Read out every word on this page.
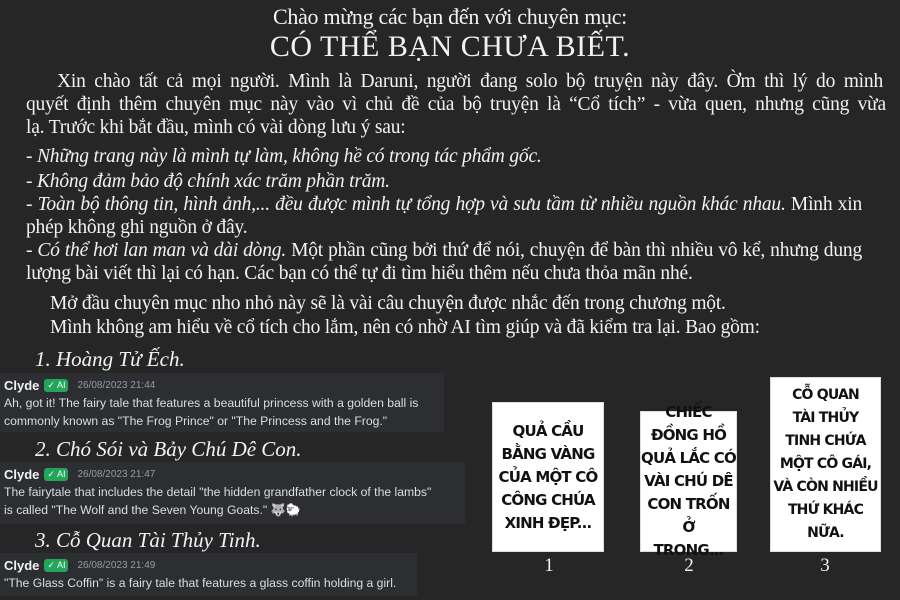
Chào mừng các bạn đến với chuyên mục:
CÓ THỂ BẠN CHƯA BIẾT.
Xin chào tất cả mọi người. Mình là Daruni, người đang solo bộ truyện này đây. Ờm thì lý do mình
quyết định thêm chuyên mục này vào vì chủ đề của bộ truyện là “Cổ tích” - vừa quen, nhưng cũng vừa
lạ. Trước khi bắt đầu, mình có vài dòng lưu ý sau:
- Những trang này là mình tự làm, không hề có trong tác phẩm gốc.
- Không đảm bảo độ chính xác trăm phần trăm.
- Toàn bộ thông tin, hình ảnh,... đều được mình tự tổng hợp và sưu tầm từ nhiều nguồn khác nhau. Mình xin
phép không ghi nguồn ở đây.
- Có thể hơi lan man và dài dòng. Một phần cũng bởi thứ để nói, chuyện để bàn thì nhiều vô kể, nhưng dung
lượng bài viết thì lại có hạn. Các bạn có thể tự đi tìm hiểu thêm nếu chưa thỏa mãn nhé.
Mở đầu chuyên mục nho nhỏ này sẽ là vài câu chuyện được nhắc đến trong chương một.
Mình không am hiểu về cổ tích cho lắm, nên có nhờ AI tìm giúp và đã kiểm tra lại. Bao gồm:
1. Hoàng Tử Ếch.
Clyde ✓ AI	26/08/2023 21:44
Ah, got it! The fairy tale that features a beautiful princess with a golden ball is
commonly known as "The Frog Prince" or "The Princess and the Frog."
2. Chó Sói và Bảy Chú Dê Con.
Clyde ✓ AI	26/08/2023 21:47
The fairytale that includes the detail "the hidden grandfather clock of the lambs"
is called "The Wolf and the Seven Young Goats." 🐺🐑
3. Cỗ Quan Tài Thủy Tinh.
Clyde ✓ AI	26/08/2023 21:49
"The Glass Coffin" is a fairy tale that features a glass coffin holding a girl.
QUẢ CẦU
BẰNG VÀNG
CỦA MỘT CÔ
CÔNG CHÚA
XINH ĐẸP...
CHIẾC
ĐỒNG HỒ
QUẢ LẮC CÓ
VÀI CHÚ DÊ
CON TRỐN Ở
TRONG...
CỖ QUAN
TÀI THỦY
TINH CHỨA
MỘT CÔ GÁI,
VÀ CÒN NHIỀU
THỨ KHÁC
NỮA.
1	2	3
